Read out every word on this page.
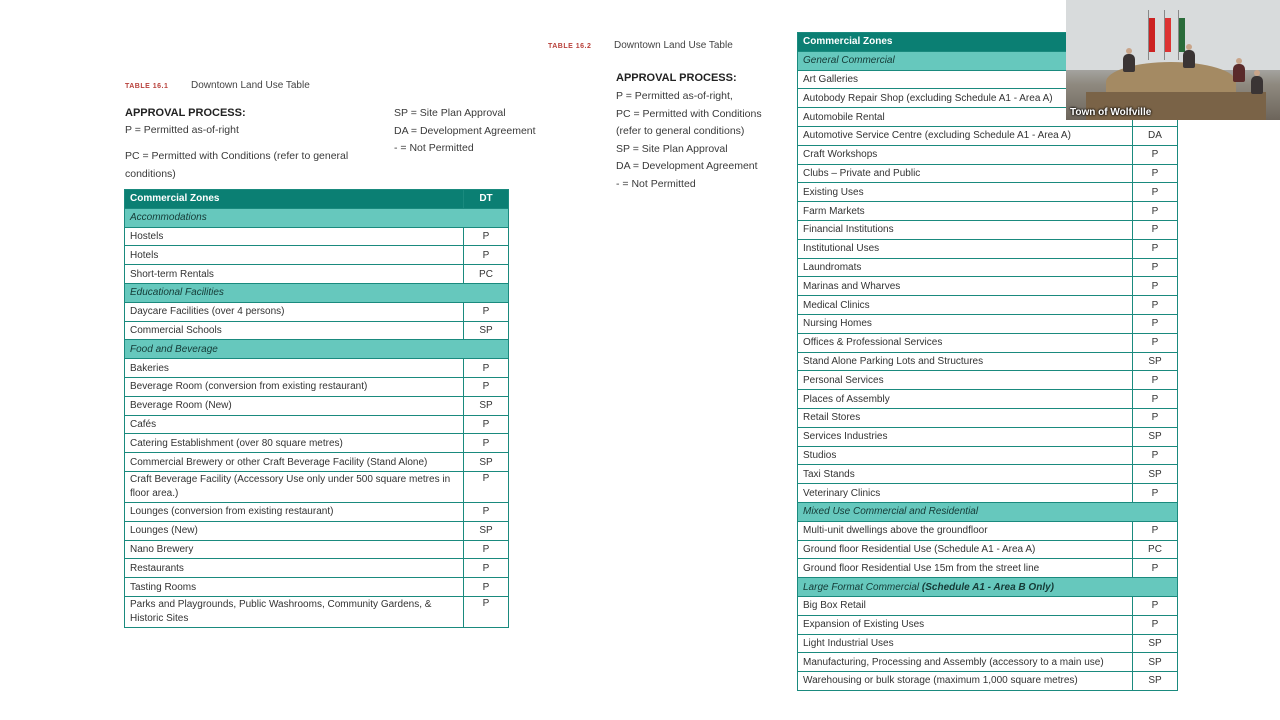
TABLE 16.1 Downtown Land Use Table
APPROVAL PROCESS:
P = Permitted as-of-right
PC = Permitted with Conditions (refer to general
conditions)
SP = Site Plan Approval
DA = Development Agreement
- = Not Permitted
Commercial Zones	DT
Accommodations	
Hostels	P
Hotels	P
Short-term Rentals	PC
Educational Facilities	
Daycare Facilities (over 4 persons)	P
Commercial Schools	SP
Food and Beverage	
Bakeries	P
Beverage Room (conversion from existing restaurant)	P
Beverage Room (New)	SP
Cafés	P
Catering Establishment (over 80 square metres)	P
Commercial Brewery or other Craft Beverage Facility (Stand Alone)	SP
Craft Beverage Facility (Accessory Use only under 500 square metres in floor area.)	P
Lounges (conversion from existing restaurant)	P
Lounges (New)	SP
Nano Brewery	P
Restaurants	P
Tasting Rooms	P
Parks and Playgrounds, Public Washrooms, Community Gardens, & Historic Sites	P
TABLE 16.2 Downtown Land Use Table
APPROVAL PROCESS:
P = Permitted as-of-right,
PC = Permitted with Conditions
(refer to general conditions)
SP = Site Plan Approval
DA = Development Agreement
- = Not Permitted
Commercial Zones	
General Commercial	
Art Galleries	
Autobody Repair Shop (excluding Schedule A1 - Area A)	
Automobile Rental	
Automotive Service Centre (excluding Schedule A1 - Area A)	DA
Craft Workshops	P
Clubs – Private and Public	P
Existing Uses	P
Farm Markets	P
Financial Institutions	P
Institutional Uses	P
Laundromats	P
Marinas and Wharves	P
Medical Clinics	P
Nursing Homes	P
Offices & Professional Services	P
Stand Alone Parking Lots and Structures	SP
Personal Services	P
Places of Assembly	P
Retail Stores	P
Services Industries	SP
Studios	P
Taxi Stands	SP
Veterinary Clinics	P
Mixed Use Commercial and Residential	
Multi-unit dwellings above the groundfloor	P
Ground floor Residential Use (Schedule A1 - Area A)	PC
Ground floor Residential Use 15m from the street line	P
Large Format Commercial (Schedule A1 - Area B Only)	
Big Box Retail	P
Expansion of Existing Uses	P
Light Industrial Uses	SP
Manufacturing, Processing and Assembly (accessory to a main use)	SP
Warehousing or bulk storage (maximum 1,000 square metres)	SP
Town of Wolfville
